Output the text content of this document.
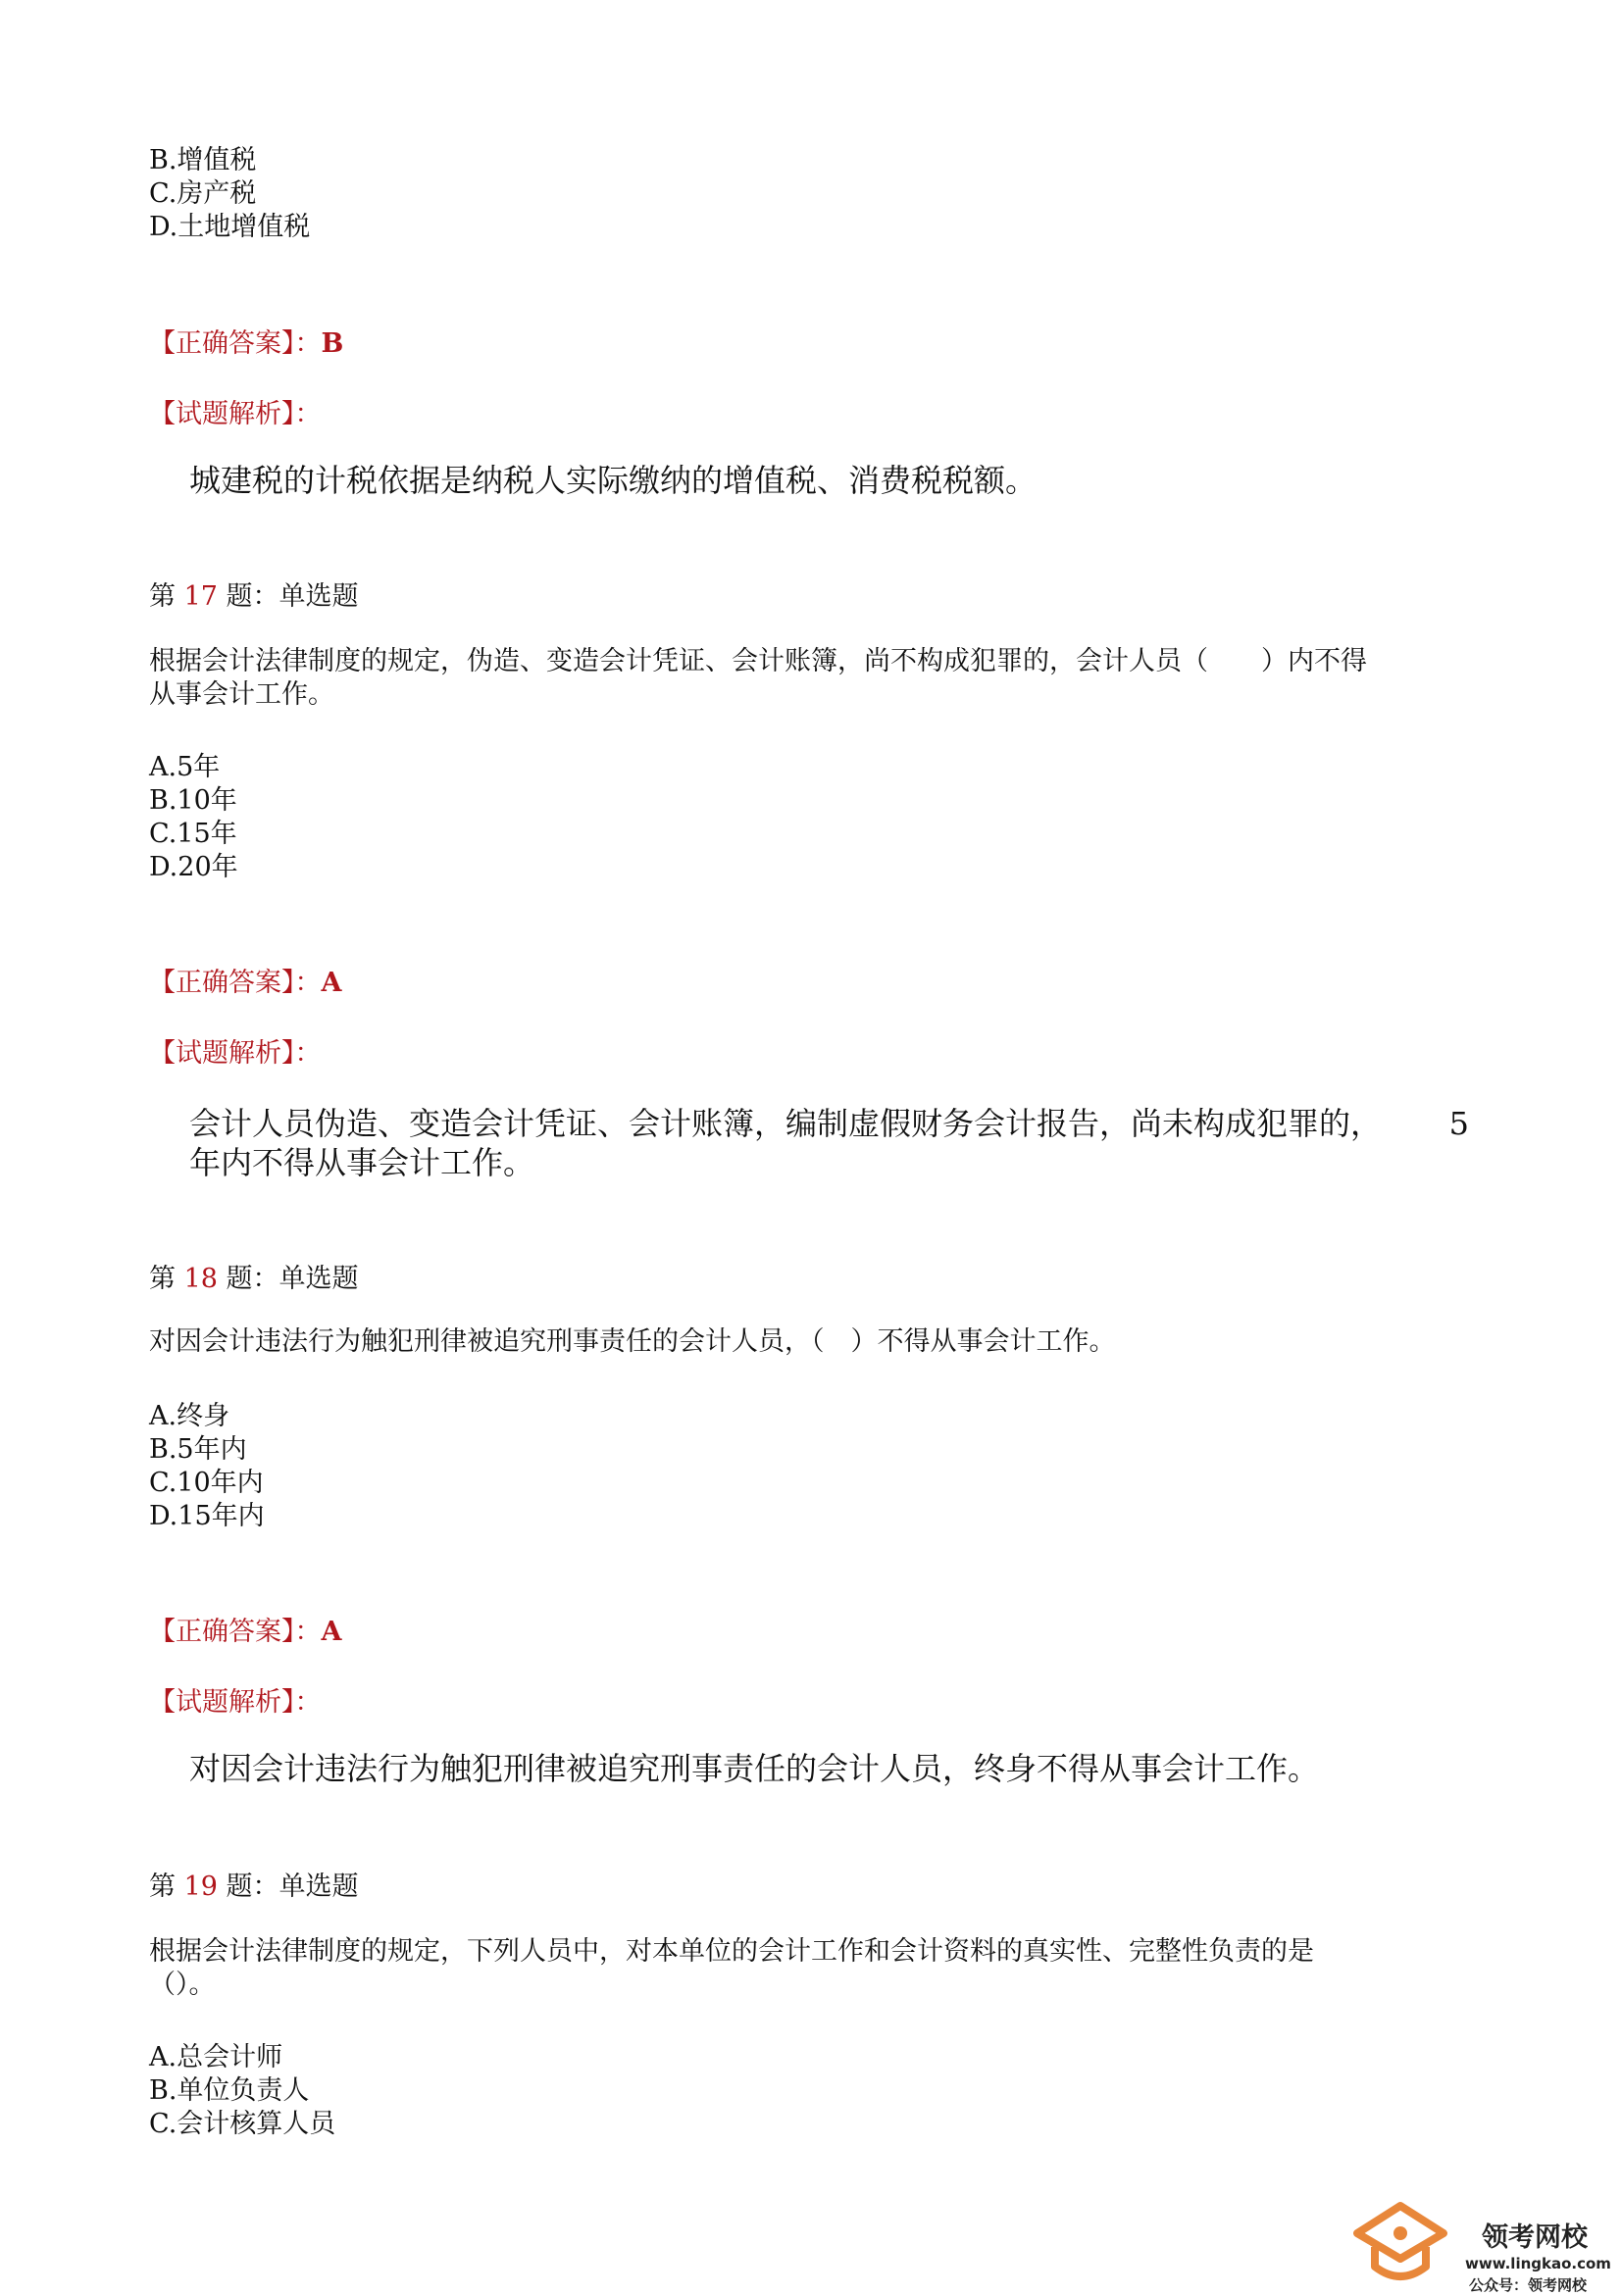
B.增值税
C.房产税
D.土地增值税
【正确答案】：B
【试题解析】：
城建税的计税依据是纳税人实际缴纳的增值税、消费税税额。
第 17 题：单选题
根据会计法律制度的规定，伪造、变造会计凭证、会计账簿，尚不构成犯罪的，会计人员（　　）内不得
从事会计工作。
A.5年
B.10年
C.15年
D.20年
【正确答案】：A
【试题解析】：
会计人员伪造、变造会计凭证、会计账簿，编制虚假财务会计报告，尚未构成犯罪的， 5
年内不得从事会计工作。
第 18 题：单选题
对因会计违法行为触犯刑律被追究刑事责任的会计人员，（　）不得从事会计工作。
A.终身
B.5年内
C.10年内
D.15年内
【正确答案】：A
【试题解析】：
对因会计违法行为触犯刑律被追究刑事责任的会计人员，终身不得从事会计工作。
第 19 题：单选题
根据会计法律制度的规定，下列人员中，对本单位的会计工作和会计资料的真实性、完整性负责的是
（）。
A.总会计师
B.单位负责人
C.会计核算人员
领考网校
www.lingkao.com
公众号：领考网校
